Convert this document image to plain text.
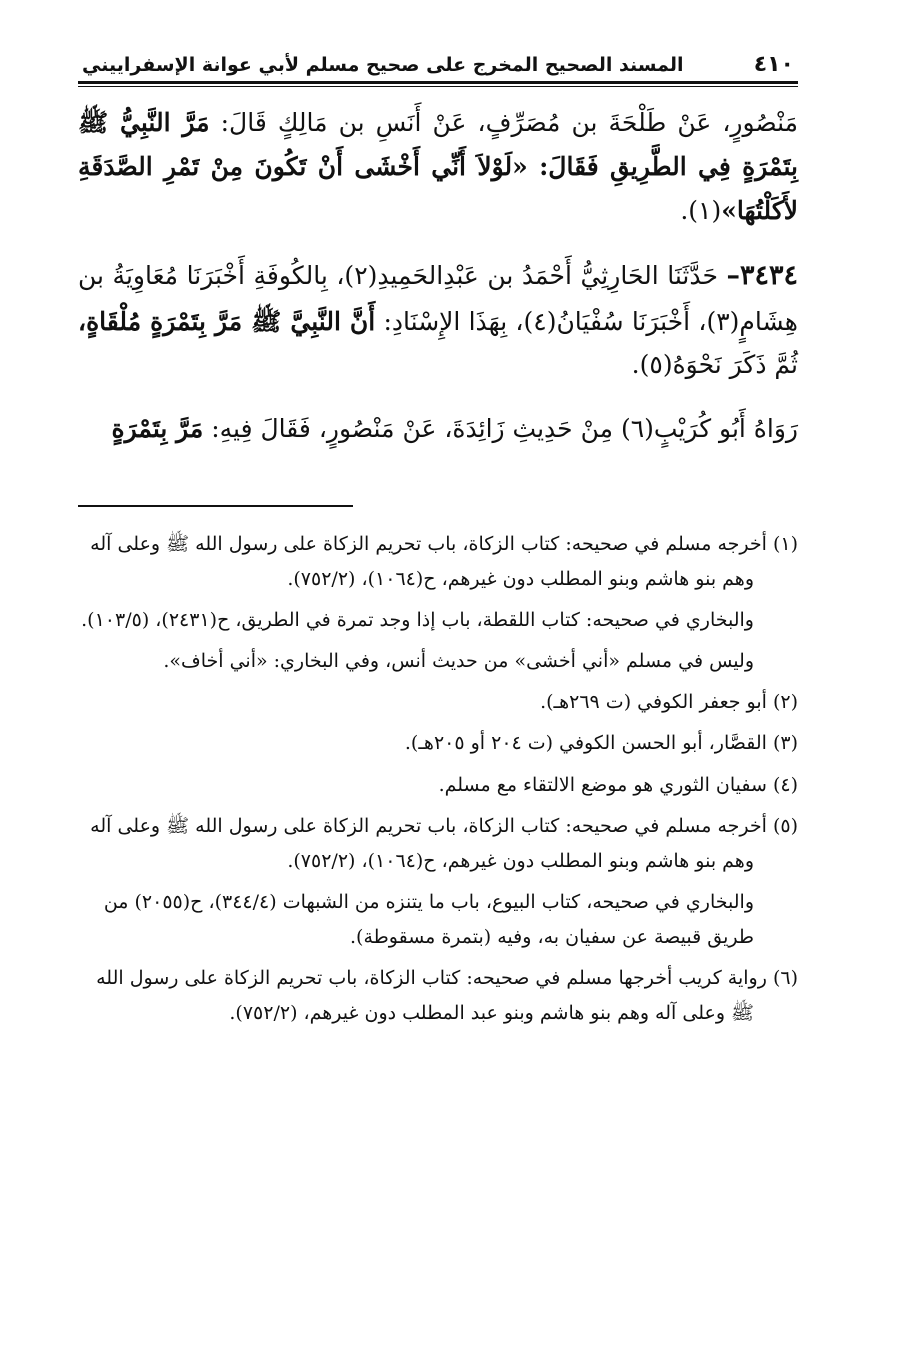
٤١٠
المسند الصحيح المخرج على صحيح مسلم لأبي عوانة الإسفراييني

مَنْصُورٍ، عَنْ طَلْحَةَ بن مُصَرِّفٍ، عَنْ أَنَسِ بن مَالِكٍ قَالَ: مَرَّ النَّبِيُّ ﷺ بِتَمْرَةٍ فِي الطَّرِيقِ فَقَالَ: «لَوْلاَ أَنِّي أَخْشَى أَنْ تَكُونَ مِنْ تَمْرِ الصَّدَقَةِ لأَكَلْتُهَا»(١).

٣٤٣٤– حَدَّثَنَا الحَارِثِيُّ أَحْمَدُ بن عَبْدِالحَمِيدِ(٢)، بِالكُوفَةِ أَخْبَرَنَا مُعَاوِيَةُ بن هِشَامٍ(٣)، أَخْبَرَنَا سُفْيَانُ(٤)، بِهَذَا الإِسْنَادِ: أَنَّ النَّبِيَّ ﷺ مَرَّ بِتَمْرَةٍ مُلْقَاةٍ، ثُمَّ ذَكَرَ نَحْوَهُ(٥).

رَوَاهُ أَبُو كُرَيْبٍ(٦) مِنْ حَدِيثِ زَائِدَةَ، عَنْ مَنْصُورٍ، فَقَالَ فِيهِ: مَرَّ بِتَمْرَةٍ

(١) أخرجه مسلم في صحيحه: كتاب الزكاة، باب تحريم الزكاة على رسول الله ﷺ وعلى آله وهم بنو هاشم وبنو المطلب دون غيرهم، ح(١٠٦٤)، (٧٥٢/٢).

والبخاري في صحيحه: كتاب اللقطة، باب إذا وجد تمرة في الطريق، ح(٢٤٣١)، (١٠٣/٥).

وليس في مسلم «أني أخشى» من حديث أنس، وفي البخاري: «أني أخاف».

(٢) أبو جعفر الكوفي (ت ٢٦٩هـ).

(٣) القصَّار، أبو الحسن الكوفي (ت ٢٠٤ أو ٢٠٥هـ).

(٤) سفيان الثوري هو موضع الالتقاء مع مسلم.

(٥) أخرجه مسلم في صحيحه: كتاب الزكاة، باب تحريم الزكاة على رسول الله ﷺ وعلى آله وهم بنو هاشم وبنو المطلب دون غيرهم، ح(١٠٦٤)، (٧٥٢/٢).

والبخاري في صحيحه، كتاب البيوع، باب ما يتنزه من الشبهات (٣٤٤/٤)، ح(٢٠٥٥) من طريق قبيصة عن سفيان به، وفيه (بتمرة مسقوطة).

(٦) رواية كريب أخرجها مسلم في صحيحه: كتاب الزكاة، باب تحريم الزكاة على رسول الله ﷺ وعلى آله وهم بنو هاشم وبنو عبد المطلب دون غيرهم، (٧٥٢/٢).
